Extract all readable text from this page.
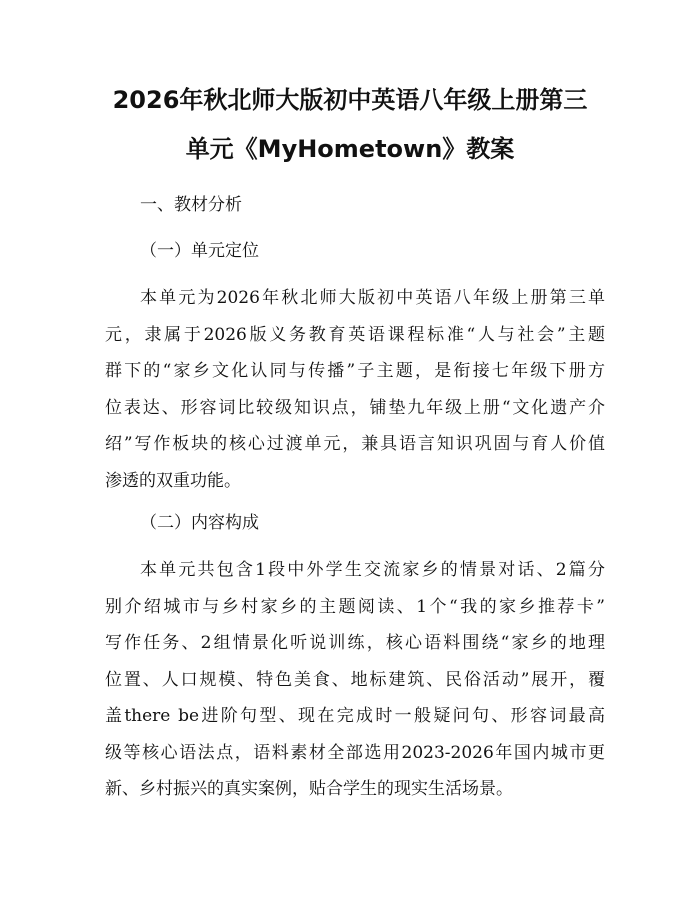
2026年秋北师大版初中英语八年级上册第三
单元《MyHometown》教案
一、教材分析
（一）单元定位
本单元为2026年秋北师大版初中英语八年级上册第三单
元，隶属于2026版义务教育英语课程标准“人与社会”主题
群下的“家乡文化认同与传播”子主题，是衔接七年级下册方
位表达、形容词比较级知识点，铺垫九年级上册“文化遗产介
绍”写作板块的核心过渡单元，兼具语言知识巩固与育人价值
渗透的双重功能。
（二）内容构成
本单元共包含1段中外学生交流家乡的情景对话、2篇分
别介绍城市与乡村家乡的主题阅读、1个“我的家乡推荐卡”
写作任务、2组情景化听说训练，核心语料围绕“家乡的地理
位置、人口规模、特色美食、地标建筑、民俗活动”展开，覆
盖there be进阶句型、现在完成时一般疑问句、形容词最高
级等核心语法点，语料素材全部选用2023-2026年国内城市更
新、乡村振兴的真实案例，贴合学生的现实生活场景。
